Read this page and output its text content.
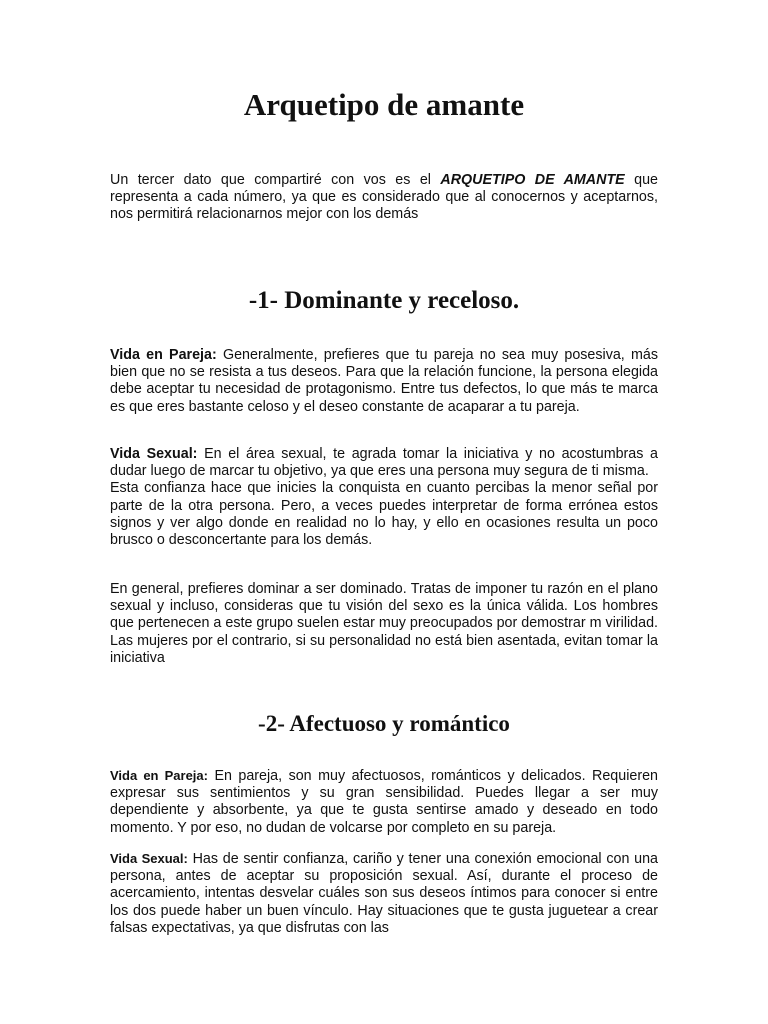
Arquetipo de amante

Un tercer dato que compartiré con vos es el ARQUETIPO DE AMANTE que representa a cada número, ya que es considerado que al conocernos y aceptarnos, nos permitirá relacionarnos mejor con los demás

-1- Dominante y receloso.

Vida en Pareja: Generalmente, prefieres que tu pareja no sea muy posesiva, más bien que no se resista a tus deseos. Para que la relación funcione, la persona elegida debe aceptar tu necesidad de protagonismo. Entre tus defectos, lo que más te marca es que eres bastante celoso y el deseo constante de acaparar a tu pareja.

Vida Sexual: En el área sexual, te agrada tomar la iniciativa y no acostumbras a dudar luego de marcar tu objetivo, ya que eres una persona muy segura de ti misma.
Esta confianza hace que inicies la conquista en cuanto percibas la menor señal por parte de la otra persona. Pero, a veces puedes interpretar de forma errónea estos signos y ver algo donde en realidad no lo hay, y ello en ocasiones resulta un poco brusco o desconcertante para los demás.

En general, prefieres dominar a ser dominado. Tratas de imponer tu razón en el plano sexual y incluso, consideras que tu visión del sexo es la única válida. Los hombres que pertenecen a este grupo suelen estar muy preocupados por demostrar m virilidad. Las mujeres por el contrario, si su personalidad no está bien asentada, evitan tomar la iniciativa

-2- Afectuoso y romántico

Vida en Pareja: En pareja, son muy afectuosos, románticos y delicados. Requieren expresar sus sentimientos y su gran sensibilidad. Puedes llegar a ser muy dependiente y absorbente, ya que te gusta sentirse amado y deseado en todo momento. Y por eso, no dudan de volcarse por completo en su pareja.

Vida Sexual: Has de sentir confianza, cariño y tener una conexión emocional con una persona, antes de aceptar su proposición sexual. Así, durante el proceso de acercamiento, intentas desvelar cuáles son sus deseos íntimos para conocer si entre los dos puede haber un buen vínculo. Hay situaciones que te gusta juguetear a crear falsas expectativas, ya que disfrutas con las
